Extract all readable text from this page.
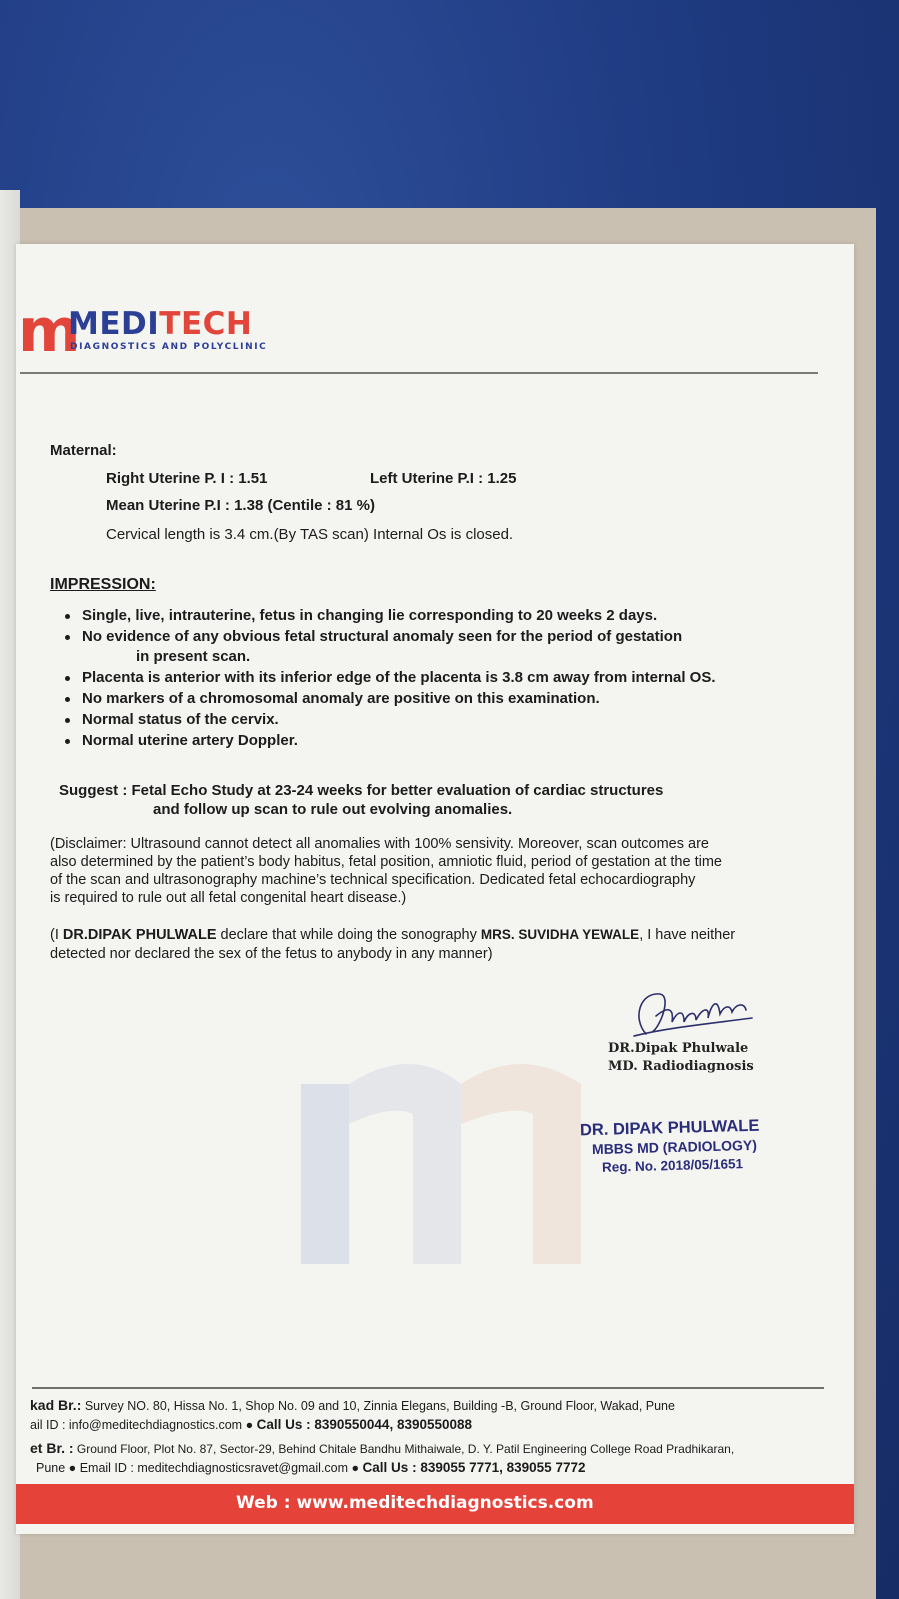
m
MEDITECH
DIAGNOSTICS AND POLYCLINIC
Maternal:
Right Uterine P. I : 1.51	Left Uterine P.I : 1.25
Mean Uterine P.I : 1.38 (Centile : 81 %)
Cervical length is 3.4 cm.(By TAS scan) Internal Os is closed.
IMPRESSION:
Single, live, intrauterine, fetus in changing lie corresponding to 20 weeks 2 days.
No evidence of any obvious fetal structural anomaly seen for the period of gestation
in present scan.
Placenta is anterior with its inferior edge of the placenta is 3.8 cm away from internal OS.
No markers of a chromosomal anomaly are positive on this examination.
Normal status of the cervix.
Normal uterine artery Doppler.
Suggest : Fetal Echo Study at 23-24 weeks for better evaluation of cardiac structures
and follow up scan to rule out evolving anomalies.
(Disclaimer: Ultrasound cannot detect all anomalies with 100% sensivity. Moreover, scan outcomes are
also determined by the patient’s body habitus, fetal position, amniotic fluid, period of gestation at the time
of the scan and ultrasonography machine’s technical specification. Dedicated fetal echocardiography
is required to rule out all fetal congenital heart disease.)
(I DR.DIPAK PHULWALE declare that while doing the sonography MRS. SUVIDHA YEWALE, I have neither
detected nor declared the sex of the fetus to anybody in any manner)
DR.Dipak Phulwale
MD. Radiodiagnosis
DR. DIPAK PHULWALE
MBBS MD (RADIOLOGY)
Reg. No. 2018/05/1651
kad Br.: Survey NO. 80, Hissa No. 1, Shop No. 09 and 10, Zinnia Elegans, Building -B, Ground Floor, Wakad, Pune
ail ID : info@meditechdiagnostics.com ● Call Us : 8390550044, 8390550088
et Br. : Ground Floor, Plot No. 87, Sector-29, Behind Chitale Bandhu Mithaiwale, D. Y. Patil Engineering College Road Pradhikaran,
Pune ● Email ID : meditechdiagnosticsravet@gmail.com ● Call Us : 839055 7771, 839055 7772
Web : www.meditechdiagnostics.com
